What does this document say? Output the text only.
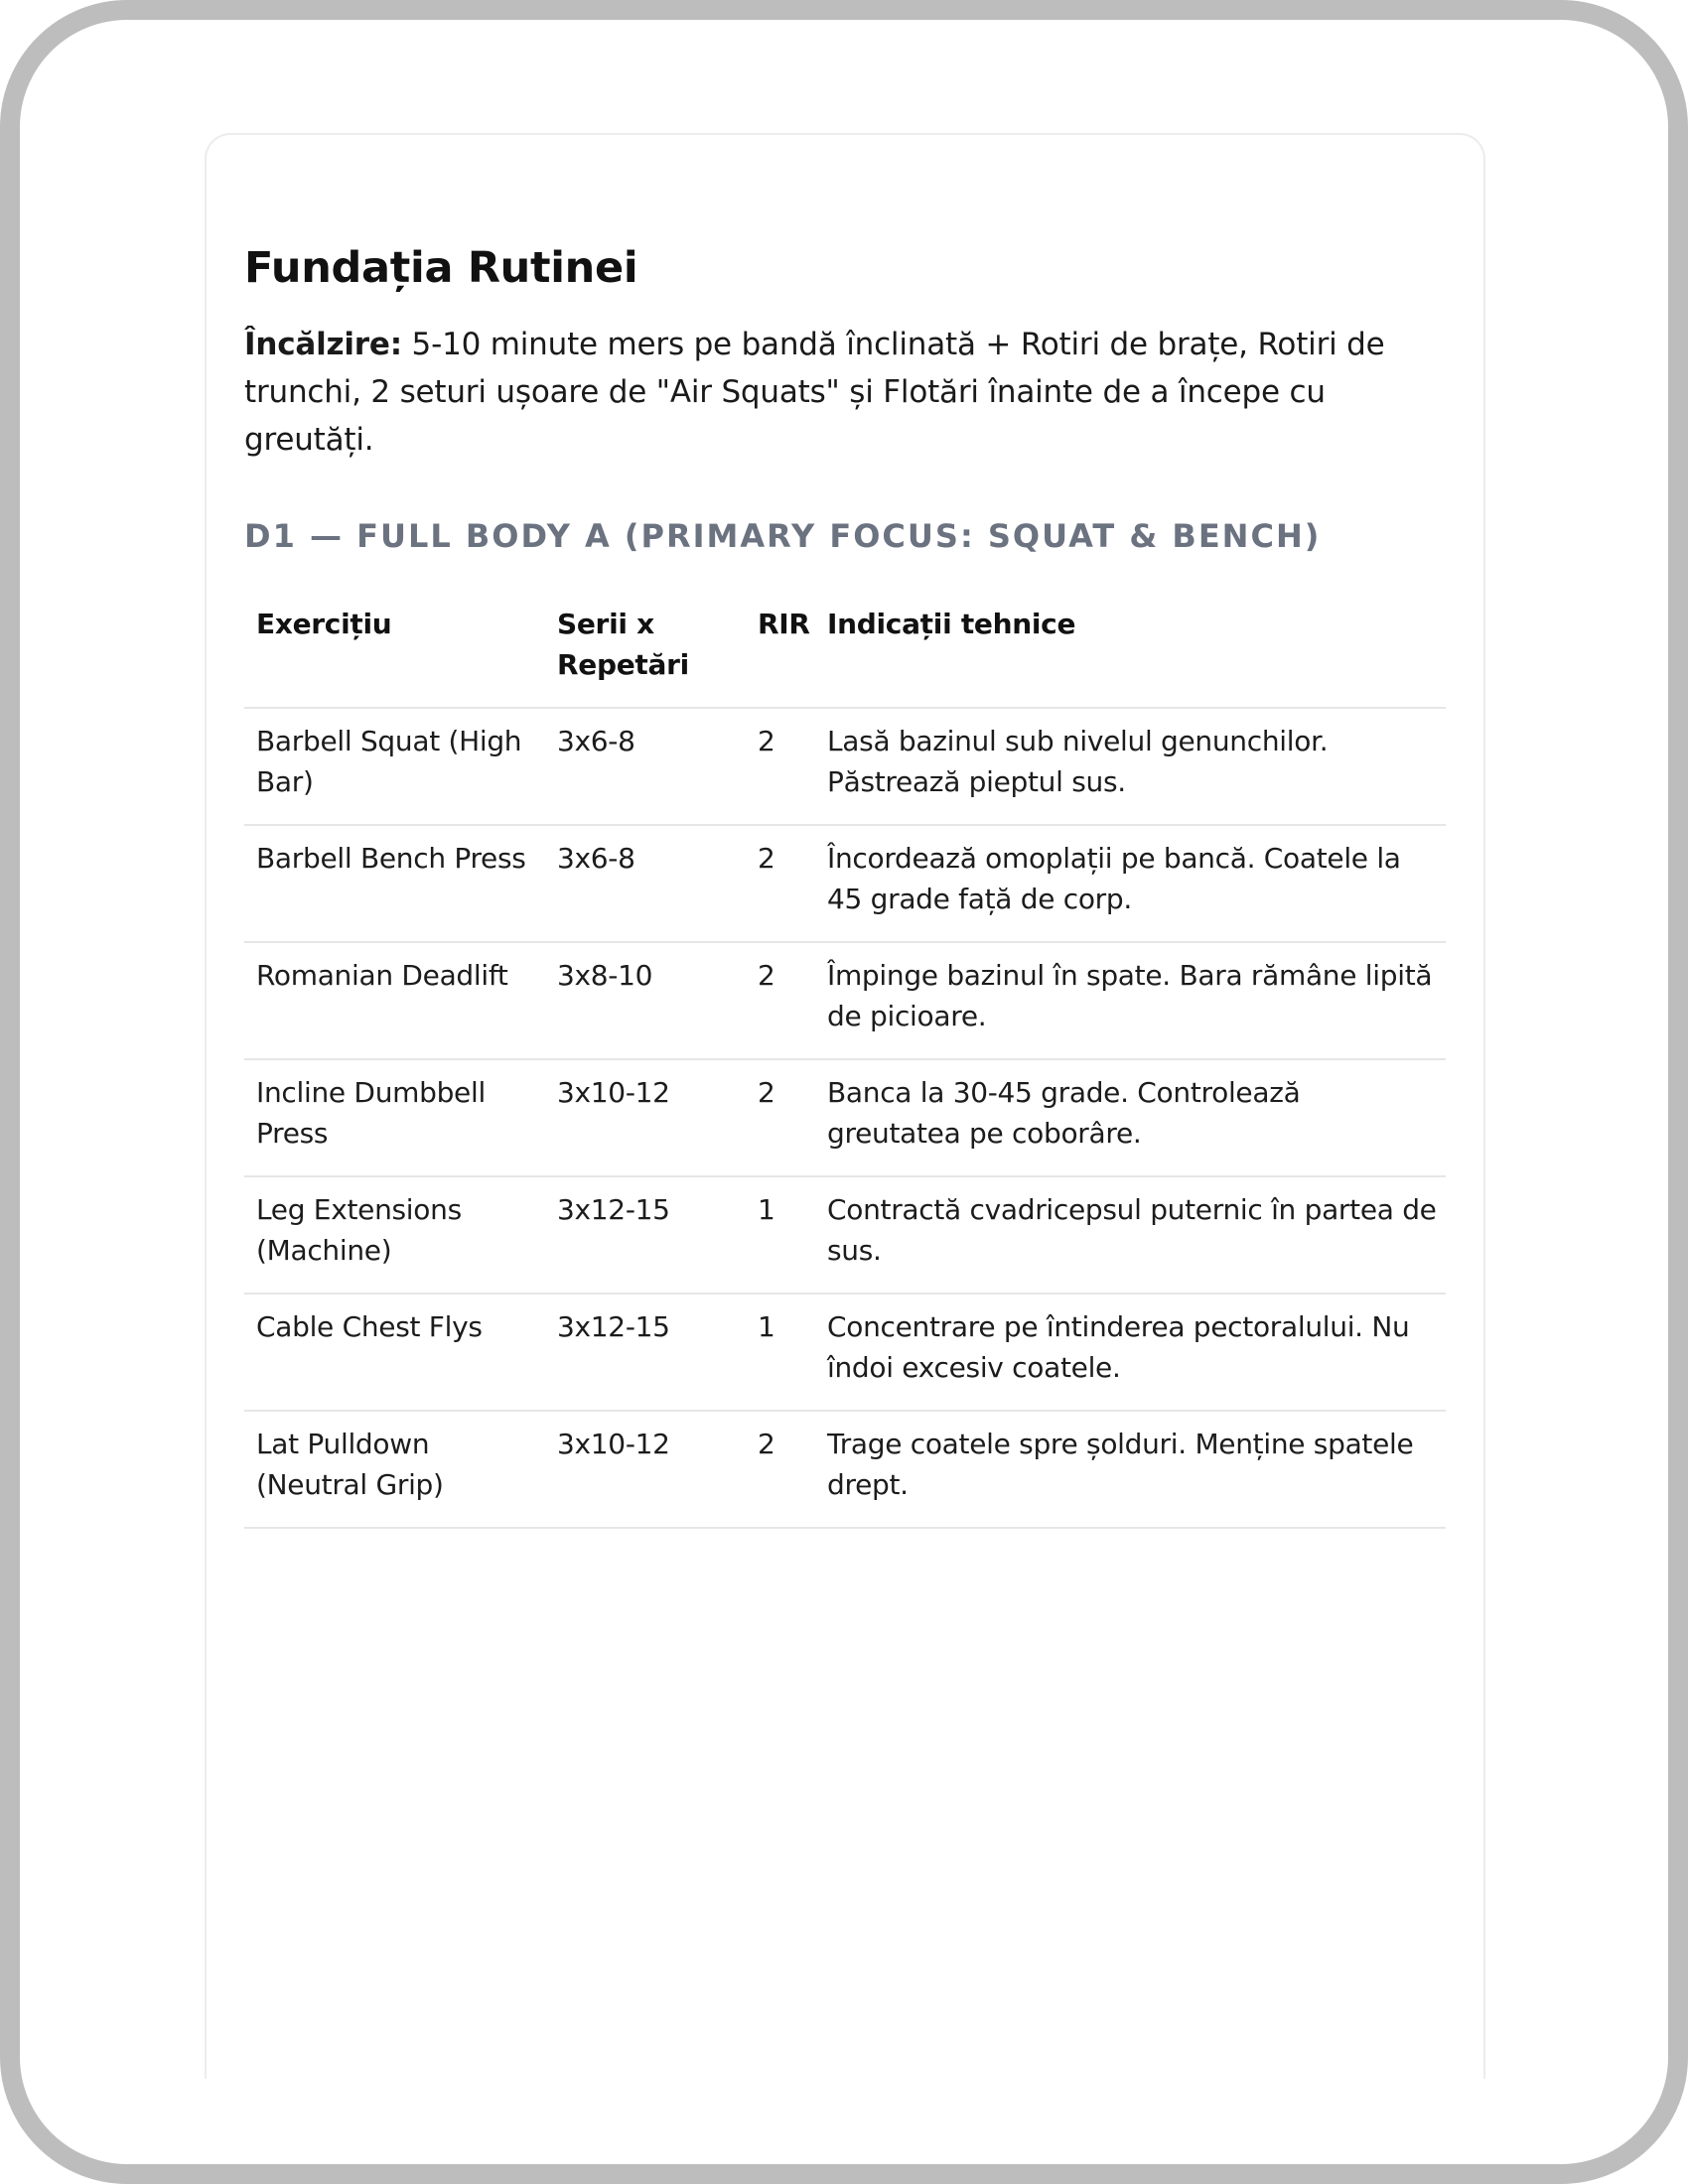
Fundația Rutinei

Încălzire: 5-10 minute mers pe bandă înclinată + Rotiri de brațe, Rotiri de trunchi, 2 seturi ușoare de "Air Squats" și Flotări înainte de a începe cu greutăți.

D1 — FULL BODY A (PRIMARY FOCUS: SQUAT & BENCH)
Exercițiu	Serii x Repetări	RIR	Indicații tehnice
Barbell Squat (High Bar)	3x6-8	2	Lasă bazinul sub nivelul genunchilor. Păstrează pieptul sus.
Barbell Bench Press	3x6-8	2	Încordează omoplații pe bancă. Coatele la 45 grade față de corp.
Romanian Deadlift	3x8-10	2	Împinge bazinul în spate. Bara rămâne lipită de picioare.
Incline Dumbbell Press	3x10-12	2	Banca la 30-45 grade. Controlează greutatea pe coborâre.
Leg Extensions (Machine)	3x12-15	1	Contractă cvadricepsul puternic în partea de sus.
Cable Chest Flys	3x12-15	1	Concentrare pe întinderea pectoralului. Nu îndoi excesiv coatele.
Lat Pulldown (Neutral Grip)	3x10-12	2	Trage coatele spre șolduri. Menține spatele drept.
